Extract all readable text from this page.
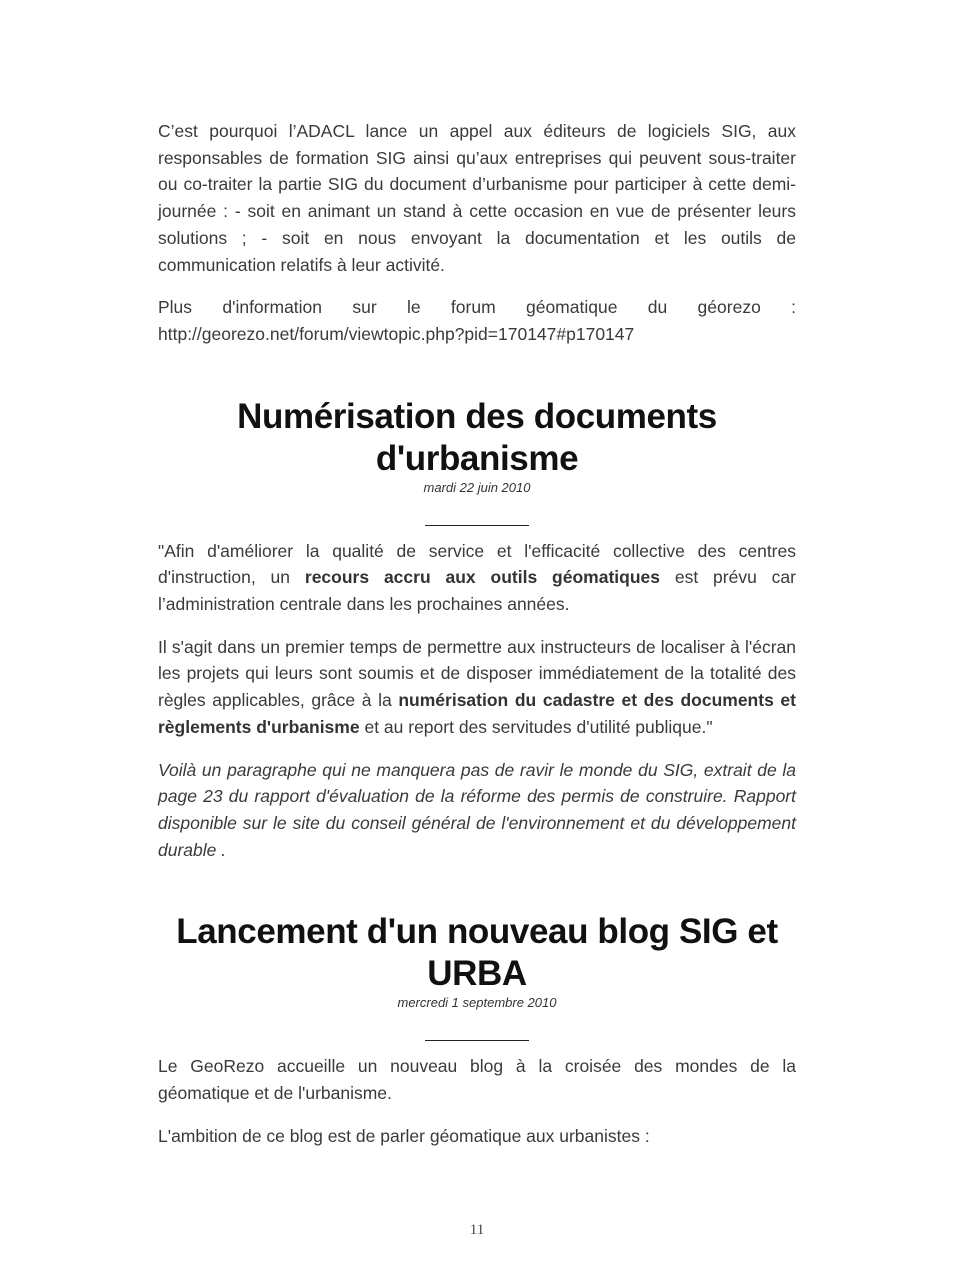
C’est pourquoi l’ADACL lance un appel aux éditeurs de logiciels SIG, aux responsables de formation SIG ainsi qu’aux entreprises qui peuvent sous-traiter ou co-traiter la partie SIG du document d’urbanisme pour participer à cette demi-journée : - soit en animant un stand à cette occasion en vue de présenter leurs solutions ; - soit en nous envoyant la documentation et les outils de communication relatifs à leur activité.

Plus d'information sur le forum géomatique du géorezo :
http://georezo.net/forum/viewtopic.php?pid=170147#p170147

Numérisation des documents d'urbanisme
mardi 22 juin 2010

"Afin d'améliorer la qualité de service et l'efficacité collective des centres d'instruction, un recours accru aux outils géomatiques est prévu car l’administration centrale dans les prochaines années.

Il s'agit dans un premier temps de permettre aux instructeurs de localiser à l'écran les projets qui leurs sont soumis et de disposer immédiatement de la totalité des règles applicables, grâce à la numérisation du cadastre et des documents et règlements d'urbanisme et au report des servitudes d'utilité publique."

Voilà un paragraphe qui ne manquera pas de ravir le monde du SIG, extrait de la page 23 du rapport d'évaluation de la réforme des permis de construire. Rapport disponible sur le site du conseil général de l'environnement et du développement durable .

Lancement d'un nouveau blog SIG et URBA
mercredi 1 septembre 2010

Le GeoRezo accueille un nouveau blog à la croisée des mondes de la géomatique et de l'urbanisme.

L'ambition de ce blog est de parler géomatique aux urbanistes :

11
